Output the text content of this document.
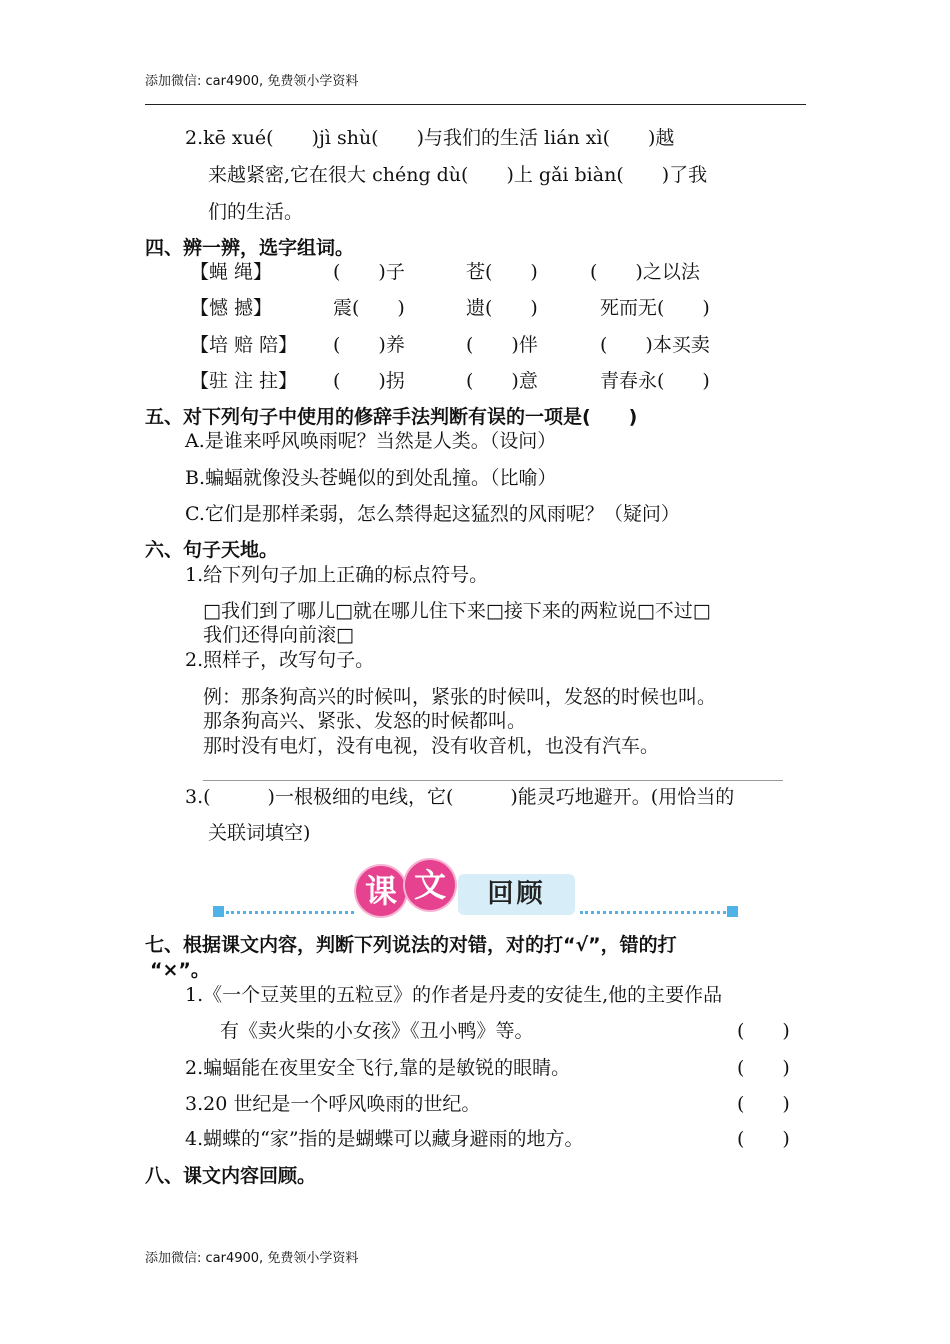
添加微信: car4900, 免费领小学资料
2.kē xué(　　)jì shù(　　)与我们的生活 lián xì(　　)越
来越紧密,它在很大 chéng dù(　　)上 gǎi biàn(　　)了我
们的生活。
四、辨一辨，选字组词。
【蝇 绳】	(　　)子	苍(　　)	(　　)之以法
【憾 撼】	震(　　)	遗(　　)	死而无(　　)
【培 赔 陪】 (　　)养	(　　)伴	(　　)本买卖
【驻 注 拄】 (　　)拐	(　　)意	青春永(　　)
五、对下列句子中使用的修辞手法判断有误的一项是(　　)
A.是谁来呼风唤雨呢？当然是人类。（设问）
B.蝙蝠就像没头苍蝇似的到处乱撞。（比喻）
C.它们是那样柔弱，怎么禁得起这猛烈的风雨呢？（疑问）
六、句子天地。
1.给下列句子加上正确的标点符号。
□我们到了哪儿□就在哪儿住下来□接下来的两粒说□不过□
我们还得向前滚□
2.照样子，改写句子。
例：那条狗高兴的时候叫，紧张的时候叫，发怒的时候也叫。
那条狗高兴、紧张、发怒的时候都叫。
那时没有电灯，没有电视，没有收音机，也没有汽车。
3.(　　　)一根极细的电线，它(　　　)能灵巧地避开。(用恰当的
关联词填空)
课 文	回顾
七、根据课文内容，判断下列说法的对错，对的打“√”，错的打
“×”。
1.《一个豆荚里的五粒豆》的作者是丹麦的安徒生,他的主要作品
有《卖火柴的小女孩》《丑小鸭》等。	(　　)
2.蝙蝠能在夜里安全飞行,靠的是敏锐的眼睛。	(　　)
3.20 世纪是一个呼风唤雨的世纪。	(　　)
4.蝴蝶的“家”指的是蝴蝶可以藏身避雨的地方。	(　　)
八、课文内容回顾。
添加微信: car4900, 免费领小学资料
